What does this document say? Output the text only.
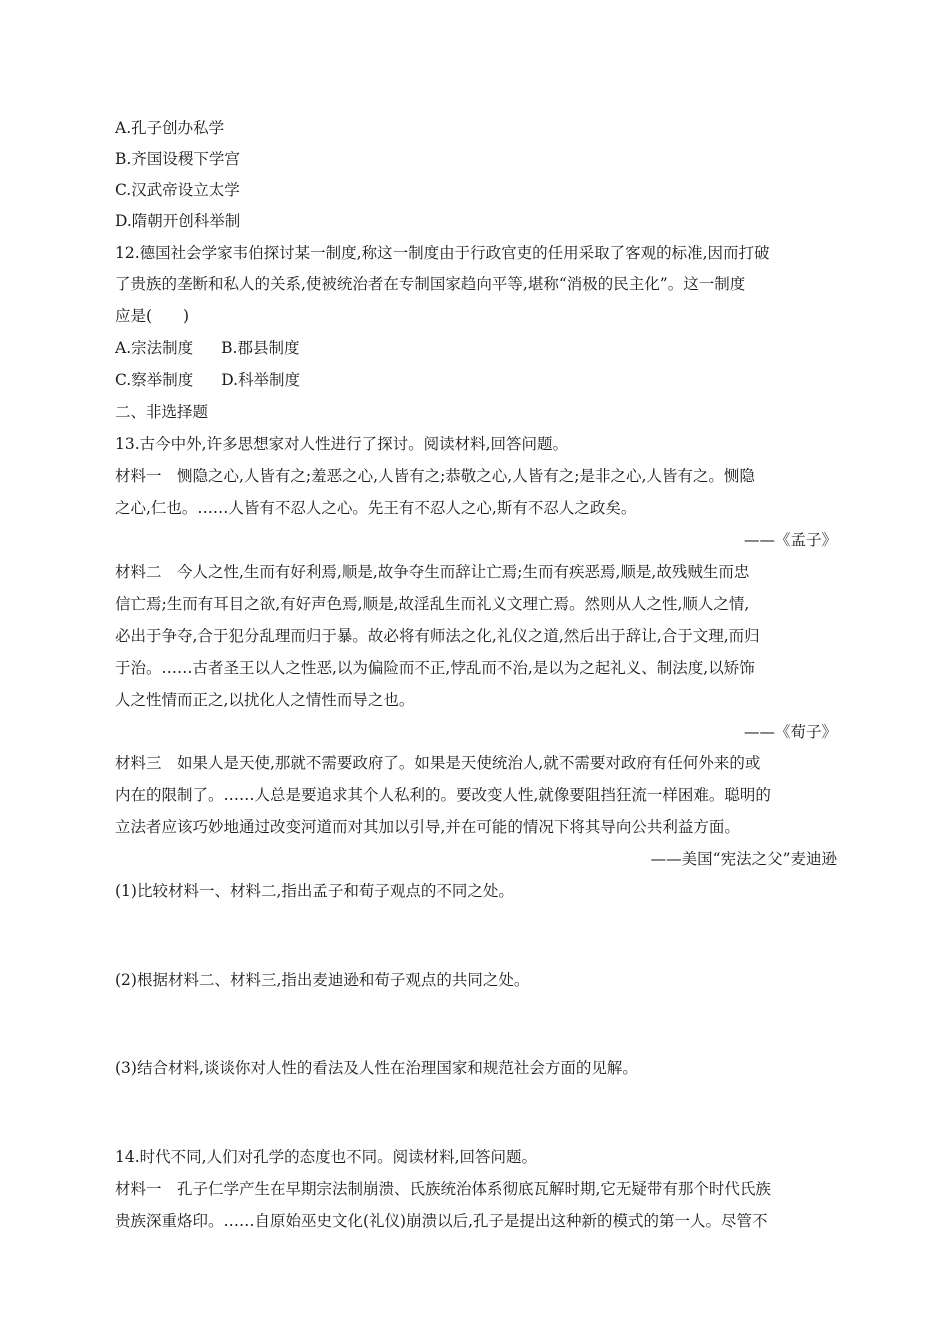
A.孔子创办私学
B.齐国设稷下学宫
C.汉武帝设立太学
D.隋朝开创科举制
12.德国社会学家韦伯探讨某一制度,称这一制度由于行政官吏的任用采取了客观的标准,因而打破
了贵族的垄断和私人的关系,使被统治者在专制国家趋向平等,堪称“消极的民主化”。这一制度
应是(　　)
A.宗法制度 B.郡县制度
C.察举制度 D.科举制度
二、非选择题
13.古今中外,许多思想家对人性进行了探讨。阅读材料,回答问题。
材料一　恻隐之心,人皆有之;羞恶之心,人皆有之;恭敬之心,人皆有之;是非之心,人皆有之。恻隐
之心,仁也。……人皆有不忍人之心。先王有不忍人之心,斯有不忍人之政矣。
——《孟子》
材料二　今人之性,生而有好利焉,顺是,故争夺生而辞让亡焉;生而有疾恶焉,顺是,故残贼生而忠
信亡焉;生而有耳目之欲,有好声色焉,顺是,故淫乱生而礼义文理亡焉。然则从人之性,顺人之情,
必出于争夺,合于犯分乱理而归于暴。故必将有师法之化,礼仪之道,然后出于辞让,合于文理,而归
于治。……古者圣王以人之性恶,以为偏险而不正,悖乱而不治,是以为之起礼义、制法度,以矫饰
人之性情而正之,以扰化人之情性而导之也。
——《荀子》
材料三　如果人是天使,那就不需要政府了。如果是天使统治人,就不需要对政府有任何外来的或
内在的限制了。……人总是要追求其个人私利的。要改变人性,就像要阻挡狂流一样困难。聪明的
立法者应该巧妙地通过改变河道而对其加以引导,并在可能的情况下将其导向公共利益方面。
——美国“宪法之父”麦迪逊
(1)比较材料一、材料二,指出孟子和荀子观点的不同之处。
(2)根据材料二、材料三,指出麦迪逊和荀子观点的共同之处。
(3)结合材料,谈谈你对人性的看法及人性在治理国家和规范社会方面的见解。
14.时代不同,人们对孔学的态度也不同。阅读材料,回答问题。
材料一　孔子仁学产生在早期宗法制崩溃、氏族统治体系彻底瓦解时期,它无疑带有那个时代氏族
贵族深重烙印。……自原始巫史文化(礼仪)崩溃以后,孔子是提出这种新的模式的第一人。尽管不
